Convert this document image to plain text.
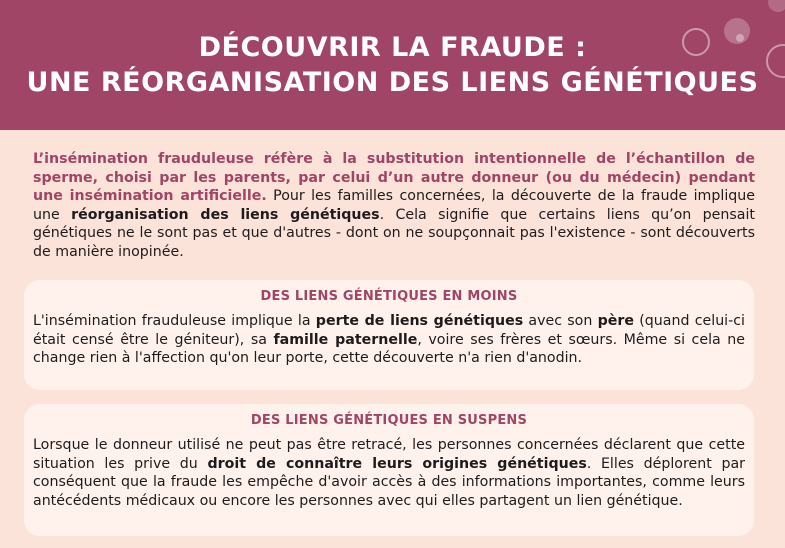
DÉCOUVRIR LA FRAUDE :
UNE RÉORGANISATION DES LIENS GÉNÉTIQUES
L’insémination frauduleuse réfère à la substitution intentionnelle de l’échantillon de sperme, choisi par les parents, par celui d’un autre donneur (ou du médecin) pendant une insémination artificielle. Pour les familles concernées, la découverte de la fraude implique une réorganisation des liens génétiques. Cela signifie que certains liens qu’on pensait génétiques ne le sont pas et que d'autres - dont on ne soupçonnait pas l'existence - sont découverts de manière inopinée.
DES LIENS GÉNÉTIQUES EN MOINS

L'insémination frauduleuse implique la perte de liens génétiques avec son père (quand celui-ci était censé être le géniteur), sa famille paternelle, voire ses frères et sœurs. Même si cela ne change rien à l'affection qu'on leur porte, cette découverte n'a rien d'anodin.

DES LIENS GÉNÉTIQUES EN SUSPENS

Lorsque le donneur utilisé ne peut pas être retracé, les personnes concernées déclarent que cette situation les prive du droit de connaître leurs origines génétiques. Elles déplorent par conséquent que la fraude les empêche d'avoir accès à des informations importantes, comme leurs antécédents médicaux ou encore les personnes avec qui elles partagent un lien génétique.
